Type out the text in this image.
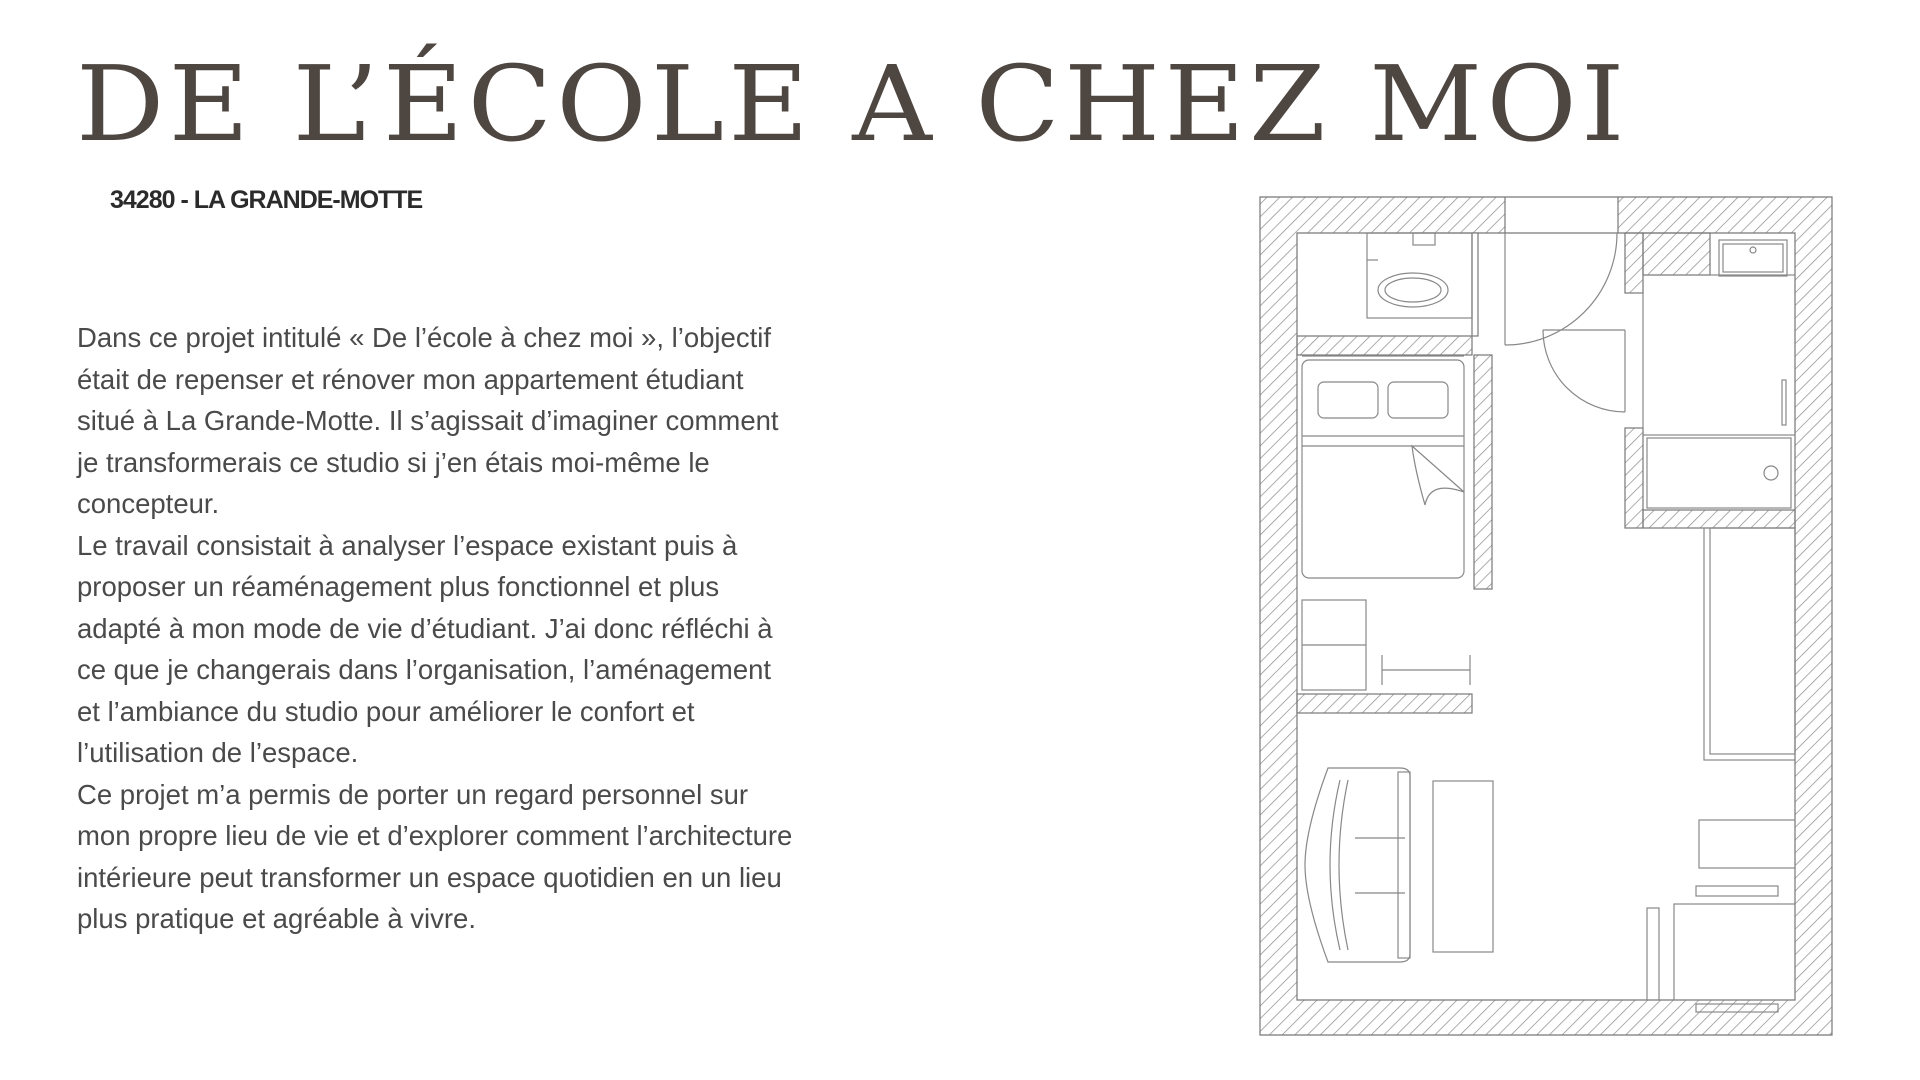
DE L’ÉCOLE A CHEZ MOI
34280 - LA GRANDE-MOTTE

Dans ce projet intitulé « De l’école à chez moi », l’objectif était de repenser et rénover mon appartement étudiant situé à La Grande-Motte. Il s’agissait d’imaginer comment je transformerais ce studio si j’en étais moi-même le concepteur.

Le travail consistait à analyser l’espace existant puis à proposer un réaménagement plus fonctionnel et plus adapté à mon mode de vie d’étudiant. J’ai donc réfléchi à ce que je changerais dans l’organisation, l’aménagement et l’ambiance du studio pour améliorer le confort et l’utilisation de l’espace.

Ce projet m’a permis de porter un regard personnel sur mon propre lieu de vie et d’explorer comment l’architecture intérieure peut transformer un espace quotidien en un lieu plus pratique et agréable à vivre.
